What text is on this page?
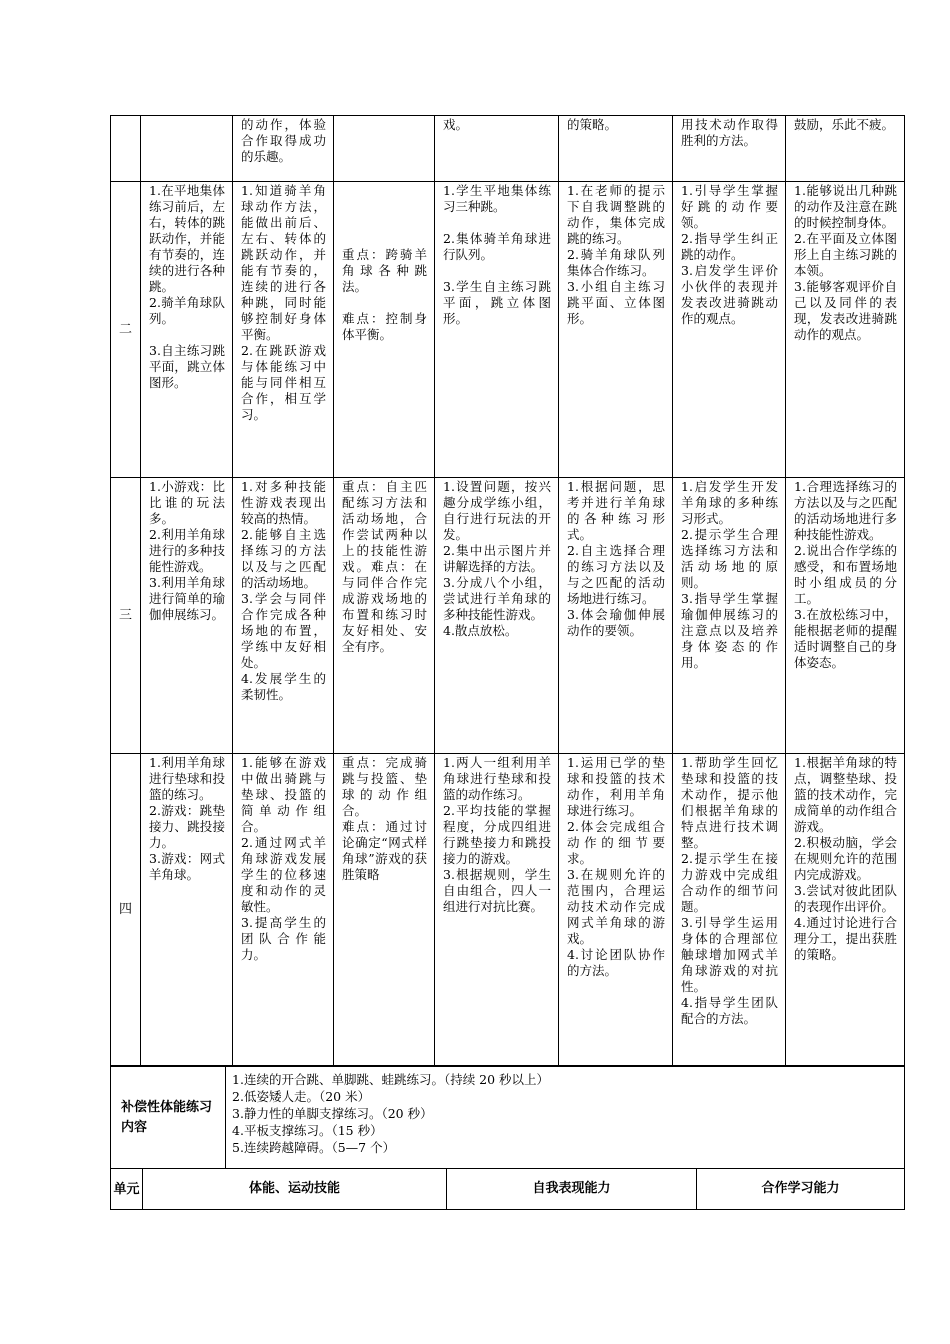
		的动作，体验合作取得成功的乐趣。		戏。	的策略。	用技术动作取得胜利的方法。	鼓励，乐此不疲。

二	1.在平地集体练习前后，左右，转体的跳跃动作，并能有节奏的，连续的进行各种跳。
2.骑羊角球队列。

3.自主练习跳平面，跳立体图形。	1.知道骑羊角球动作方法，能做出前后、左右、转体的跳跃动作，并能有节奏的，连续的进行各种跳，同时能够控制好身体平衡。
2.在跳跃游戏与体能练习中能与同伴相互合作，相互学习。	重点：跨骑羊角球各种跳法。

难点：控制身体平衡。	1.学生平地集体练习三种跳。

2.集体骑羊角球进行队列。

3.学生自主练习跳平面，跳立体图形。	1.在老师的提示下自我调整跳的动作，集体完成跳的练习。
2.骑羊角球队列集体合作练习。
3.小组自主练习跳平面、立体图形。	1.引导学生掌握好跳的动作要领。
2.指导学生纠正跳的动作。
3.启发学生评价小伙伴的表现并发表改进骑跳动作的观点。	1.能够说出几种跳的动作及注意在跳的时候控制身体。
2.在平面及立体图形上自主练习跳的本领。
3.能够客观评价自己以及同伴的表现，发表改进骑跳动作的观点。

三	1.小游戏：比比谁的玩法多。
2.利用羊角球进行的多种技能性游戏。
3.利用羊角球进行简单的瑜伽伸展练习。	1.对多种技能性游戏表现出较高的热情。
2.能够自主选择练习的方法以及与之匹配的活动场地。
3.学会与同伴合作完成各种场地的布置，学练中友好相处。
4.发展学生的柔韧性。	重点：自主匹配练习方法和活动场地，合作尝试两种以上的技能性游戏。难点：在与同伴合作完成游戏场地的布置和练习时友好相处、安全有序。	1.设置问题，按兴趣分成学练小组，自行进行玩法的开发。
2.集中出示图片并讲解选择的方法。
3.分成八个小组，尝试进行羊角球的多种技能性游戏。
4.散点放松。	1.根据问题，思考并进行羊角球的各种练习形式。
2.自主选择合理的练习方法以及与之匹配的活动场地进行练习。
3.体会瑜伽伸展动作的要领。	1.启发学生开发羊角球的多种练习形式。
2.提示学生合理选择练习方法和活动场地的原则。
3.指导学生掌握瑜伽伸展练习的注意点以及培养身体姿态的作用。	1.合理选择练习的方法以及与之匹配的活动场地进行多种技能性游戏。
2.说出合作学练的感受，和布置场地时小组成员的分工。
3.在放松练习中，能根据老师的提醒适时调整自己的身体姿态。

四	1.利用羊角球进行垫球和投篮的练习。
2.游戏：跳垫接力、跳投接力。
3.游戏：网式羊角球。	1.能够在游戏中做出骑跳与垫球、投篮的简单动作组合。
2.通过网式羊角球游戏发展学生的位移速度和动作的灵敏性。
3.提高学生的团队合作能力。	重点：完成骑跳与投篮、垫球的动作组合。
难点：通过讨论确定“网式样角球”游戏的获胜策略	1.两人一组利用羊角球进行垫球和投篮的动作练习。
2.平均技能的掌握程度，分成四组进行跳垫接力和跳投接力的游戏。
3.根据规则，学生自由组合，四人一组进行对抗比赛。	1.运用已学的垫球和投篮的技术动作，利用羊角球进行练习。
2.体会完成组合动作的细节要求。
3.在规则允许的范围内，合理运动技术动作完成网式羊角球的游戏。
4.讨论团队协作的方法。	1.帮助学生回忆垫球和投篮的技术动作，提示他们根据羊角球的特点进行技术调整。
2.提示学生在接力游戏中完成组合动作的细节问题。
3.引导学生运用身体的合理部位触球增加网式羊角球游戏的对抗性。
4.指导学生团队配合的方法。	1.根据羊角球的特点，调整垫球、投篮的技术动作，完成简单的动作组合游戏。
2.积极动脑，学会在规则允许的范围内完成游戏。
3.尝试对彼此团队的表现作出评价。
4.通过讨论进行合理分工，提出获胜的策略。
补偿性体能练习内容		1.连续的开合跳、单脚跳、蛙跳练习。（持续 20 秒以上）
2.低姿矮人走。（20 米）
3.静力性的单脚支撑练习。（20 秒）
4.平板支撑练习。（15 秒）
5.连续跨越障碍。（5—7 个）		

单元	体能、运动技能		自我表现能力	合作学习能力
